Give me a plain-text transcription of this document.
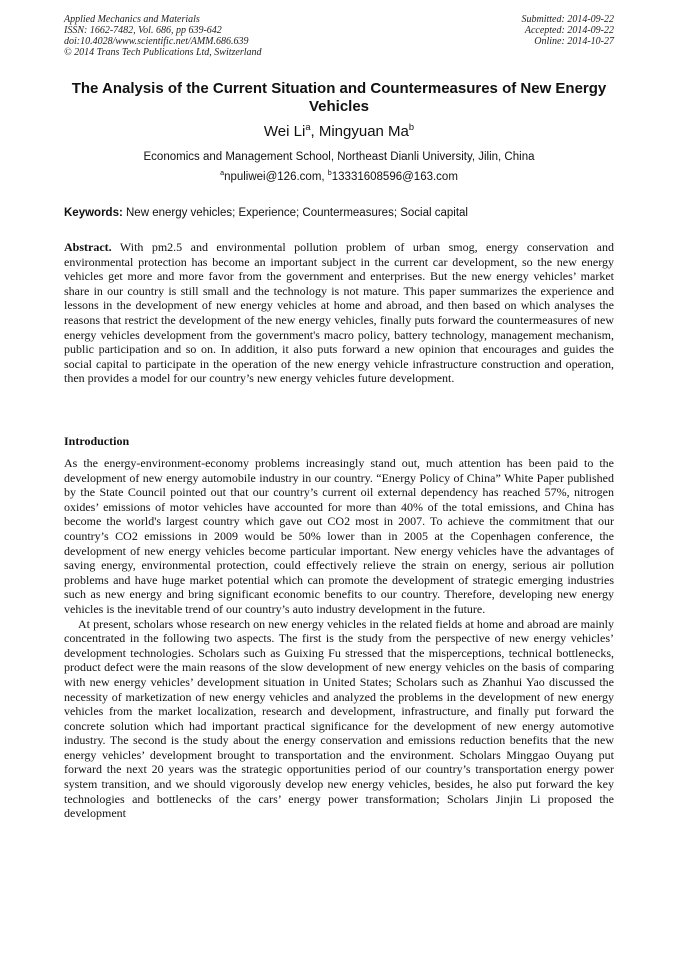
Applied Mechanics and Materials
ISSN: 1662-7482, Vol. 686, pp 639-642
doi:10.4028/www.scientific.net/AMM.686.639
© 2014 Trans Tech Publications Ltd, Switzerland
Submitted: 2014-09-22
Accepted: 2014-09-22
Online: 2014-10-27
The Analysis of the Current Situation and Countermeasures of New Energy Vehicles
Wei Li$^a$, Mingyuan Ma$^b$
Economics and Management School, Northeast Dianli University, Jilin, China
$^a$npuliwei@126.com, $^b$13331608596@163.com
Keywords: New energy vehicles; Experience; Countermeasures; Social capital
Abstract. With pm2.5 and environmental pollution problem of urban smog, energy conservation and environmental protection has become an important subject in the current car development, so the new energy vehicles get more and more favor from the government and enterprises. But the new energy vehicles’ market share in our country is still small and the technology is not mature. This paper summarizes the experience and lessons in the development of new energy vehicles at home and abroad, and then based on which analyses the reasons that restrict the development of the new energy vehicles, finally puts forward the countermeasures of new energy vehicles development from the government's macro policy, battery technology, management mechanism, public participation and so on. In addition, it also puts forward a new opinion that encourages and guides the social capital to participate in the operation of the new energy vehicle infrastructure construction and operation, then provides a model for our country’s new energy vehicles future development.
Introduction

As the energy-environment-economy problems increasingly stand out, much attention has been paid to the development of new energy automobile industry in our country. “Energy Policy of China” White Paper published by the State Council pointed out that our country’s current oil external dependency has reached 57%, nitrogen oxides’ emissions of motor vehicles have accounted for more than 40% of the total emissions, and China has become the world's largest country which gave out CO2 most in 2007. To achieve the commitment that our country’s CO2 emissions in 2009 would be 50% lower than in 2005 at the Copenhagen conference, the development of new energy vehicles become particular important. New energy vehicles have the advantages of saving energy, environmental protection, could effectively relieve the strain on energy, serious air pollution problems and have huge market potential which can promote the development of strategic emerging industries such as new energy and bring significant economic benefits to our country. Therefore, developing new energy vehicles is the inevitable trend of our country’s auto industry development in the future.

At present, scholars whose research on new energy vehicles in the related fields at home and abroad are mainly concentrated in the following two aspects. The first is the study from the perspective of new energy vehicles’ development technologies. Scholars such as Guixing Fu stressed that the misperceptions, technical bottlenecks, product defect were the main reasons of the slow development of new energy vehicles on the basis of comparing with new energy vehicles’ development situation in United States; Scholars such as Zhanhui Yao discussed the necessity of marketization of new energy vehicles and analyzed the problems in the development of new energy vehicles from the market localization, research and development, infrastructure, and finally put forward the concrete solution which had important practical significance for the development of new energy automotive industry. The second is the study about the energy conservation and emissions reduction benefits that the new energy vehicles’ development brought to transportation and the environment. Scholars Minggao Ouyang put forward the next 20 years was the strategic opportunities period of our country’s transportation energy power system transition, and we should vigorously develop new energy vehicles, besides, he also put forward the key technologies and bottlenecks of the cars’ energy power transformation; Scholars Jinjin Li proposed the development
